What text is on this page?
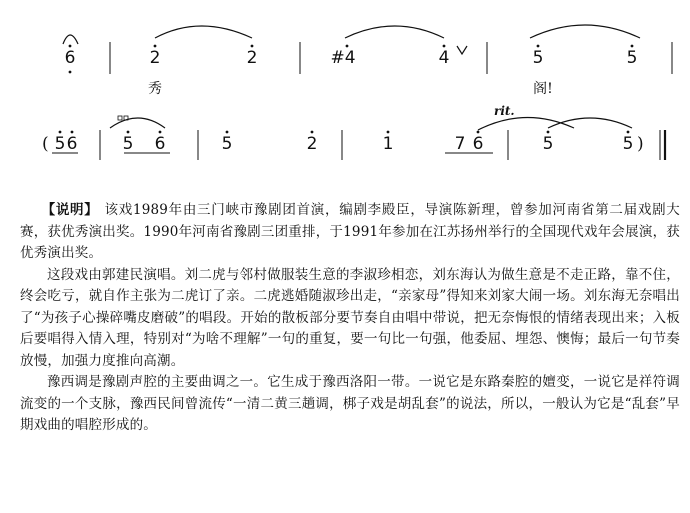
6	2	2	#4	4	5	5
秀	阁!
( 5 6	5 6	5	2	1	7 6	5	5 )
rit.

【说明】 该戏1989年由三门峡市豫剧团首演，编剧李殿臣，导演陈新理，曾参加河南省第二届戏剧大赛，获优秀演出奖。1990年河南省豫剧三团重排，于1991年参加在江苏扬州举行的全国现代戏年会展演，获优秀演出奖。

这段戏由郭建民演唱。刘二虎与邻村做服装生意的李淑珍相恋，刘东海认为做生意是不走正路，靠不住，终会吃亏，就自作主张为二虎订了亲。二虎逃婚随淑珍出走，“亲家母”得知来刘家大闹一场。刘东海无奈唱出了“为孩子心操碎嘴皮磨破”的唱段。开始的散板部分要节奏自由唱中带说，把无奈悔恨的情绪表现出来；入板后要唱得入情入理，特别对“为啥不理解”一句的重复，要一句比一句强，他委屈、埋怨、懊悔；最后一句节奏放慢，加强力度推向高潮。

豫西调是豫剧声腔的主要曲调之一。它生成于豫西洛阳一带。一说它是东路秦腔的嬗变，一说它是祥符调流变的一个支脉，豫西民间曾流传“一清二黄三趟调，梆子戏是胡乱套”的说法，所以，一般认为它是“乱套”早期戏曲的唱腔形成的。
